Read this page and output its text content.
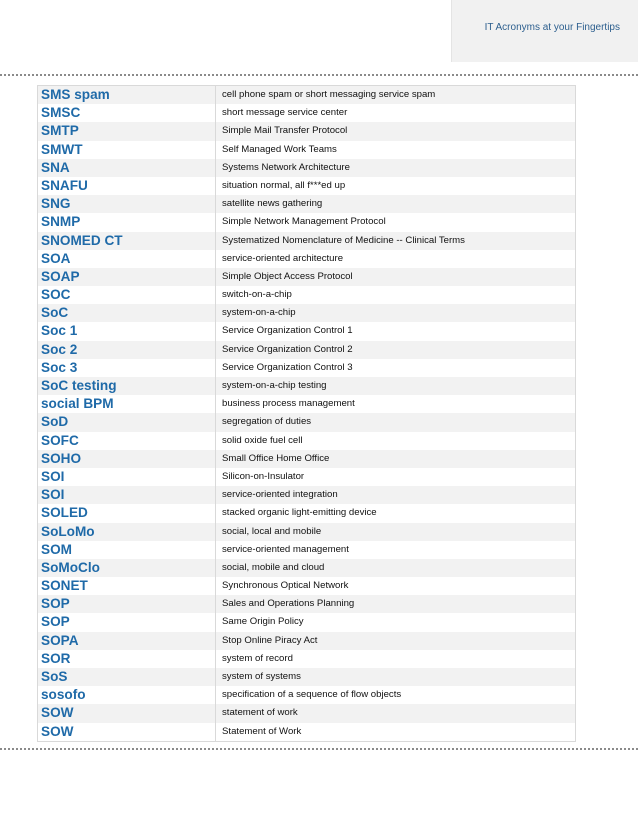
IT Acronyms at your Fingertips
SMS spam	cell phone spam or short messaging service spam
SMSC	short message service center
SMTP	Simple Mail Transfer Protocol
SMWT	Self Managed Work Teams
SNA	Systems Network Architecture
SNAFU	situation normal, all f***ed up
SNG	satellite news gathering
SNMP	Simple Network Management Protocol
SNOMED CT	Systematized Nomenclature of Medicine -- Clinical Terms
SOA	service-oriented architecture
SOAP	Simple Object Access Protocol
SOC	switch-on-a-chip
SoC	system-on-a-chip
Soc 1	Service Organization Control 1
Soc 2	Service Organization Control 2
Soc 3	Service Organization Control 3
SoC testing	system-on-a-chip testing
social BPM	business process management
SoD	segregation of duties
SOFC	solid oxide fuel cell
SOHO	Small Office Home Office
SOI	Silicon-on-Insulator
SOI	service-oriented integration
SOLED	stacked organic light-emitting device
SoLoMo	social, local and mobile
SOM	service-oriented management
SoMoClo	social, mobile and cloud
SONET	Synchronous Optical Network
SOP	Sales and Operations Planning
SOP	Same Origin Policy
SOPA	Stop Online Piracy Act
SOR	system of record
SoS	system of systems
sosofo	specification of a sequence of flow objects
SOW	statement of work
SOW	Statement of Work
